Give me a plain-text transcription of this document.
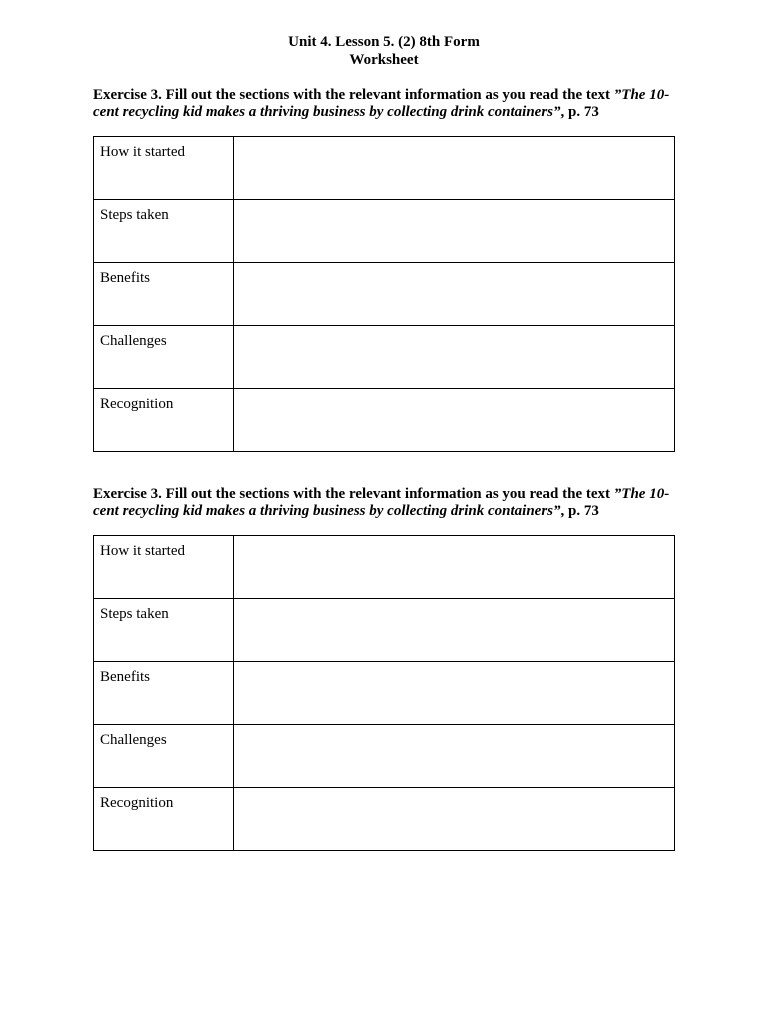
Unit 4. Lesson 5. (2) 8th Form
Worksheet

Exercise 3. Fill out the sections with the relevant information as you read the text ”The 10-cent recycling kid makes a thriving business by collecting drink containers”, p. 73

How it started	
Steps taken	
Benefits	
Challenges	
Recognition	

Exercise 3. Fill out the sections with the relevant information as you read the text ”The 10-cent recycling kid makes a thriving business by collecting drink containers”, p. 73

How it started	
Steps taken	
Benefits	
Challenges	
Recognition	
